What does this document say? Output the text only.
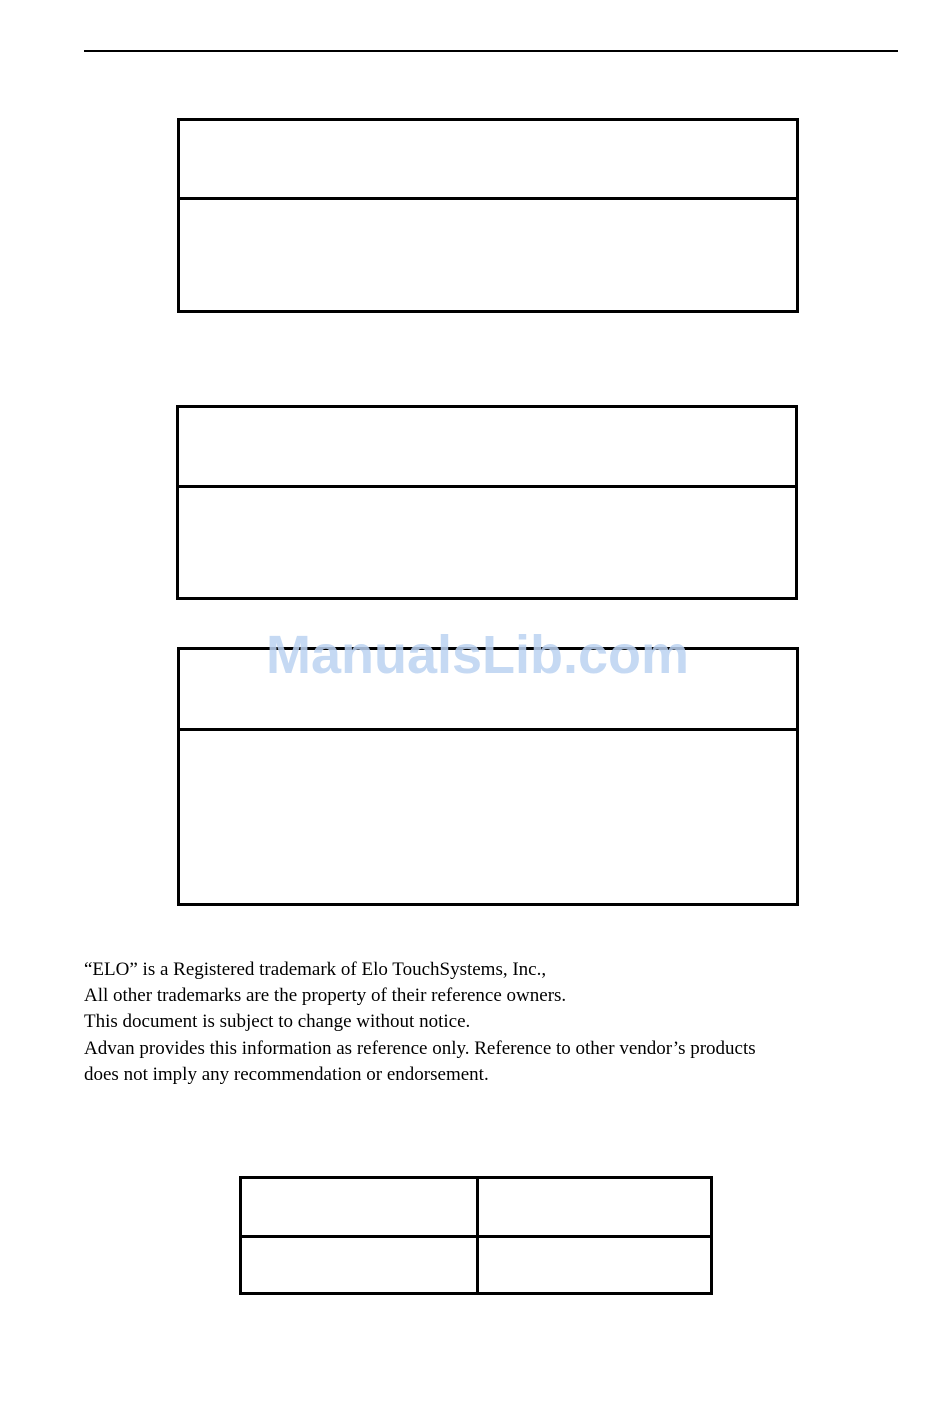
ManualsLib.com

“ELO” is a Registered trademark of Elo TouchSystems, Inc.,

All other trademarks are the property of their reference owners.

This document is subject to change without notice.

Advan provides this information as reference only. Reference to other vendor’s products

does not imply any recommendation or endorsement.
